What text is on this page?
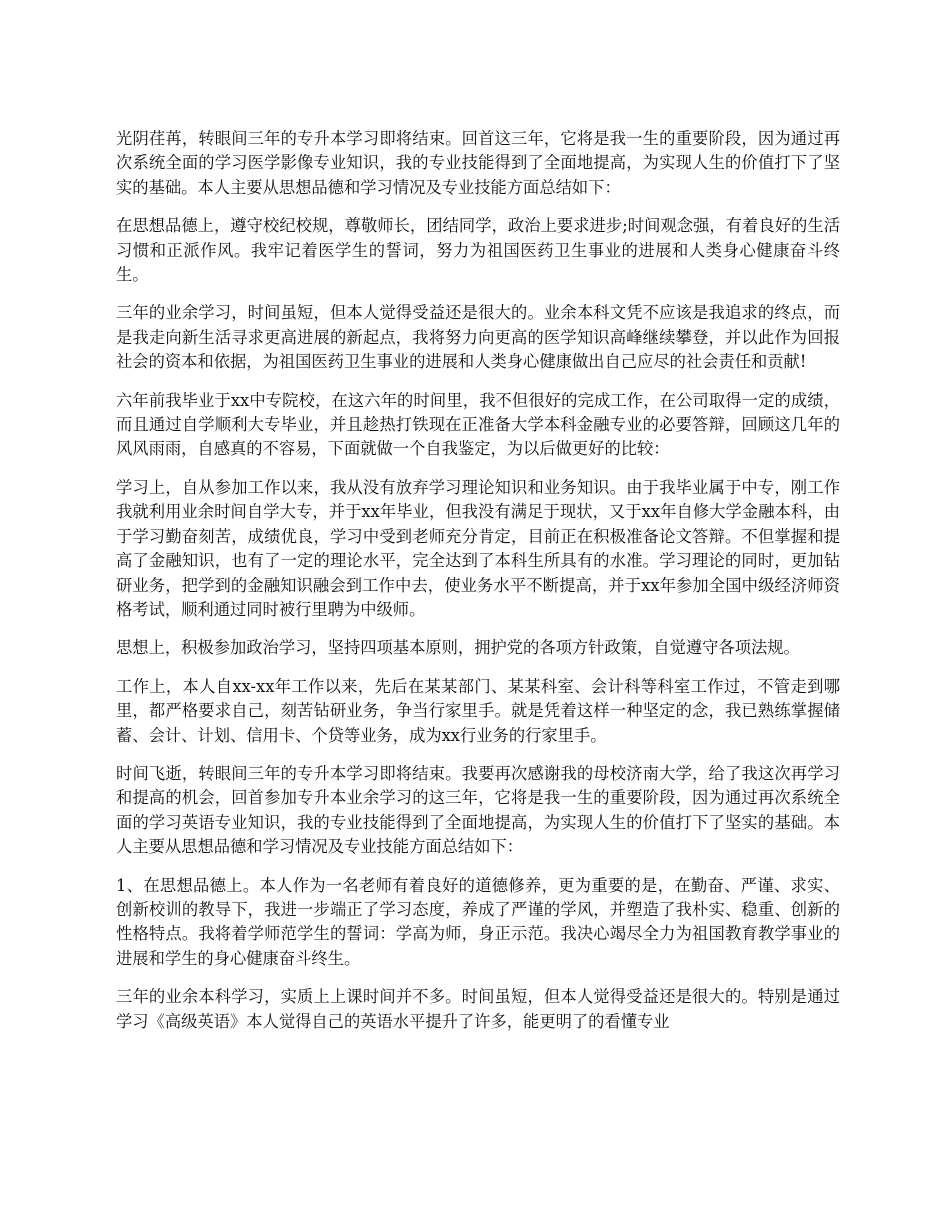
光阴荏苒，转眼间三年的专升本学习即将结束。回首这三年，它将是我一生的重要阶段，因为通过再次系统全面的学习医学影像专业知识，我的专业技能得到了全面地提高，为实现人生的价值打下了坚实的基础。本人主要从思想品德和学习情况及专业技能方面总结如下：

在思想品德上，遵守校纪校规，尊敬师长，团结同学，政治上要求进步;时间观念强，有着良好的生活习惯和正派作风。我牢记着医学生的誓词，努力为祖国医药卫生事业的进展和人类身心健康奋斗终生。

三年的业余学习，时间虽短，但本人觉得受益还是很大的。业余本科文凭不应该是我追求的终点，而是我走向新生活寻求更高进展的新起点，我将努力向更高的医学知识高峰继续攀登，并以此作为回报社会的资本和依据，为祖国医药卫生事业的进展和人类身心健康做出自己应尽的社会责任和贡献!

六年前我毕业于xx中专院校，在这六年的时间里，我不但很好的完成工作，在公司取得一定的成绩，而且通过自学顺利大专毕业，并且趁热打铁现在正准备大学本科金融专业的必要答辩，回顾这几年的风风雨雨，自感真的不容易，下面就做一个自我鉴定，为以后做更好的比较：

学习上，自从参加工作以来，我从没有放弃学习理论知识和业务知识。由于我毕业属于中专，刚工作我就利用业余时间自学大专，并于xx年毕业，但我没有满足于现状，又于xx年自修大学金融本科，由于学习勤奋刻苦，成绩优良，学习中受到老师充分肯定，目前正在积极准备论文答辩。不但掌握和提高了金融知识，也有了一定的理论水平，完全达到了本科生所具有的水准。学习理论的同时，更加钻研业务，把学到的金融知识融会到工作中去，使业务水平不断提高，并于xx年参加全国中级经济师资格考试，顺利通过同时被行里聘为中级师。

思想上，积极参加政治学习，坚持四项基本原则，拥护党的各项方针政策，自觉遵守各项法规。

工作上，本人自xx-xx年工作以来，先后在某某部门、某某科室、会计科等科室工作过，不管走到哪里，都严格要求自己，刻苦钻研业务，争当行家里手。就是凭着这样一种坚定的念，我已熟练掌握储蓄、会计、计划、信用卡、个贷等业务，成为xx行业务的行家里手。

时间飞逝，转眼间三年的专升本学习即将结束。我要再次感谢我的母校济南大学，给了我这次再学习和提高的机会，回首参加专升本业余学习的这三年，它将是我一生的重要阶段，因为通过再次系统全面的学习英语专业知识，我的专业技能得到了全面地提高，为实现人生的价值打下了坚实的基础。本人主要从思想品德和学习情况及专业技能方面总结如下：

1、在思想品德上。本人作为一名老师有着良好的道德修养，更为重要的是，在勤奋、严谨、求实、创新校训的教导下，我进一步端正了学习态度，养成了严谨的学风，并塑造了我朴实、稳重、创新的性格特点。我将着学师范学生的誓词：学高为师，身正示范。我决心竭尽全力为祖国教育教学事业的进展和学生的身心健康奋斗终生。

三年的业余本科学习，实质上上课时间并不多。时间虽短，但本人觉得受益还是很大的。特别是通过学习《高级英语》本人觉得自己的英语水平提升了许多，能更明了的看懂专业
